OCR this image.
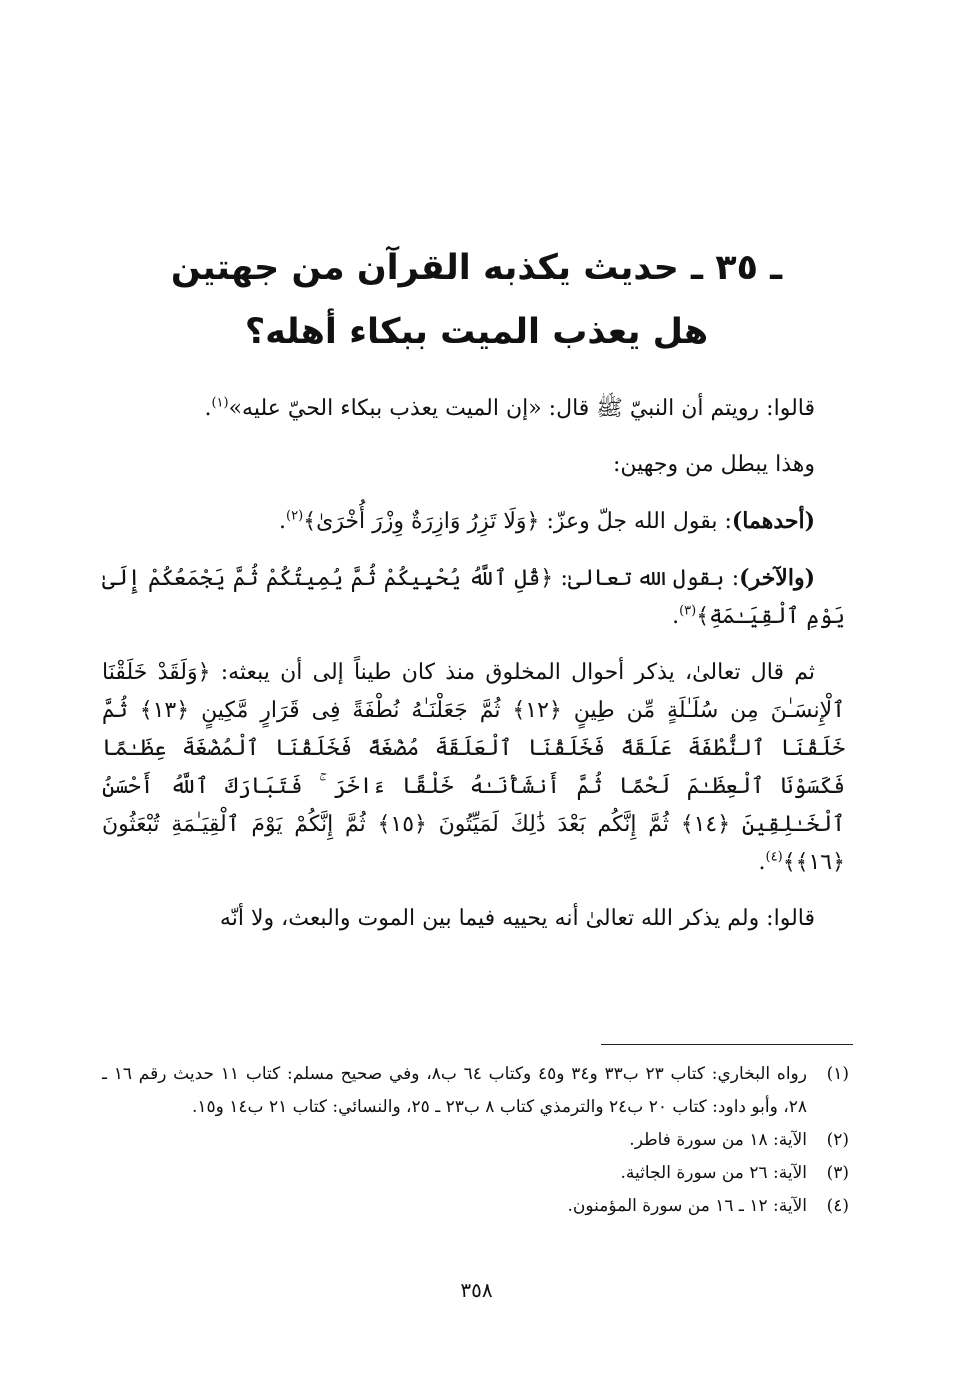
ـ ٣٥ ـ حديث يكذبه القرآن من جهتين

هل يعذب الميت ببكاء أهله؟

قالوا: رويتم أن النبيّ ﷺ قال: «إن الميت يعذب ببكاء الحيّ عليه»$^{(١)}$.

وهذا يبطل من وجهين:

(أحدهما): بقول الله جلّ وعزّ: ﴿وَلَا تَزِرُ وَازِرَةٌ وِزْرَ أُخْرَىٰ﴾$^{(٢)}$.

(والآخر): بقول الله تعالىٰ: ﴿قُلِ ٱللَّهُ يُحْيِيكُمْ ثُمَّ يُمِيتُكُمْ ثُمَّ يَجْمَعُكُمْ إِلَىٰ يَوْمِ ٱلْقِيَـٰمَةِ﴾$^{(٣)}$.

ثم قال تعالىٰ، يذكر أحوال المخلوق منذ كان طيناً إلى أن يبعثه: ﴿وَلَقَدْ خَلَقْنَا ٱلْإِنسَـٰنَ مِن سُلَـٰلَةٍ مِّن طِينٍ ﴿١٢﴾ ثُمَّ جَعَلْنَـٰهُ نُطْفَةً فِى قَرَارٍ مَّكِينٍ ﴿١٣﴾ ثُمَّ خَلَقْنَا ٱلنُّطْفَةَ عَلَقَةً فَخَلَقْنَا ٱلْعَلَقَةَ مُضْغَةً فَخَلَقْنَا ٱلْمُضْغَةَ عِظَـٰمًا فَكَسَوْنَا ٱلْعِظَـٰمَ لَحْمًا ثُمَّ أَنشَأْنَـٰهُ خَلْقًا ءَاخَرَ ۚ فَتَبَارَكَ ٱللَّهُ أَحْسَنُ ٱلْخَـٰلِقِينَ ﴿١٤﴾ ثُمَّ إِنَّكُم بَعْدَ ذَٰلِكَ لَمَيِّتُونَ ﴿١٥﴾ ثُمَّ إِنَّكُمْ يَوْمَ ٱلْقِيَـٰمَةِ تُبْعَثُونَ ﴿١٦﴾﴾$^{(٤)}$.

قالوا: ولم يذكر الله تعالىٰ أنه يحييه فيما بين الموت والبعث، ولا أنّه

(١)
رواه البخاري: كتاب ٢٣ ب٣٣ و٣٤ و٤٥ وكتاب ٦٤ ب٨، وفي صحيح مسلم: كتاب ١١ حديث رقم ١٦ ـ ٢٨، وأبو داود: كتاب ٢٠ ب٢٤ والترمذي كتاب ٨ ب٢٣ ـ ٢٥، والنسائي: كتاب ٢١ ب١٤ و١٥.

(٢)
الآية: ١٨ من سورة فاطر.

(٣)
الآية: ٢٦ من سورة الجاثية.

(٤)
الآية: ١٢ ـ ١٦ من سورة المؤمنون.

٣٥٨
